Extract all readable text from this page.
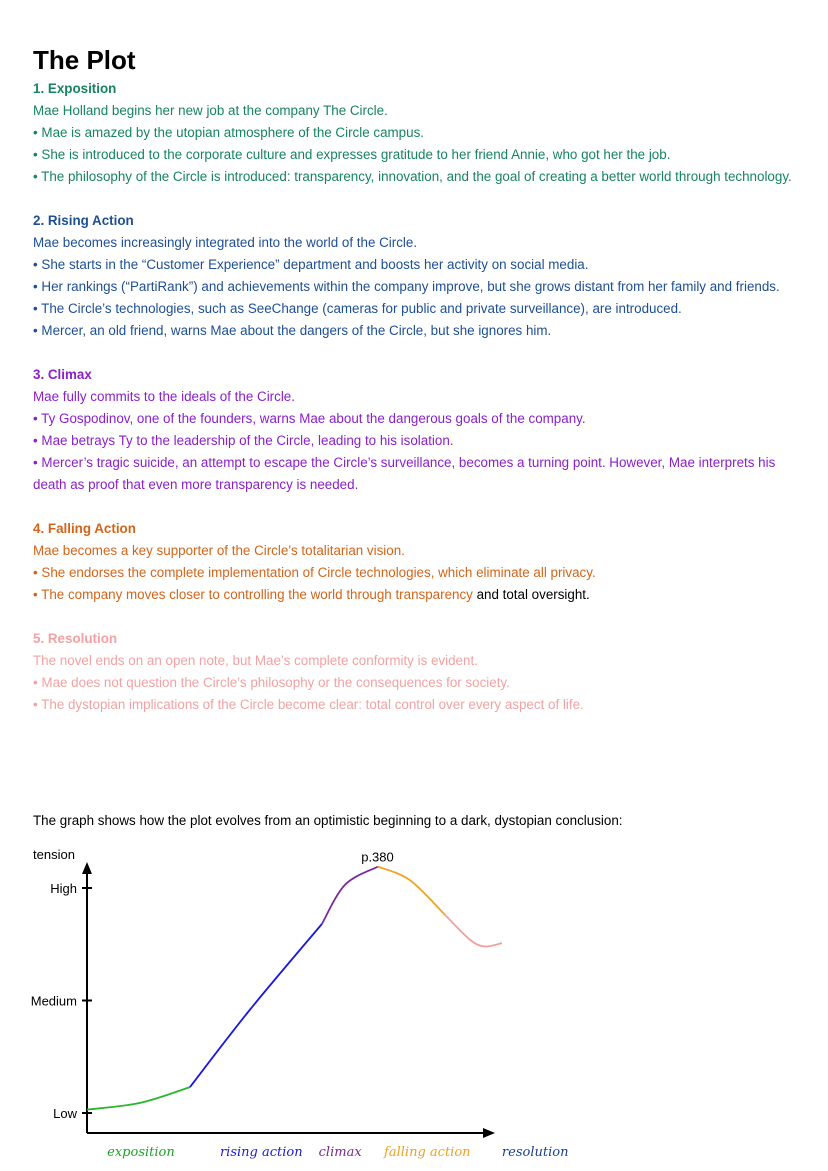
The Plot
1. Exposition

Mae Holland begins her new job at the company The Circle.

• Mae is amazed by the utopian atmosphere of the Circle campus.

• She is introduced to the corporate culture and expresses gratitude to her friend Annie, who got her the job.

• The philosophy of the Circle is introduced: transparency, innovation, and the goal of creating a better world through technology.

2. Rising Action

Mae becomes increasingly integrated into the world of the Circle.

• She starts in the “Customer Experience” department and boosts her activity on social media.

• Her rankings (“PartiRank”) and achievements within the company improve, but she grows distant from her family and friends.

• The Circle’s technologies, such as SeeChange (cameras for public and private surveillance), are introduced.

• Mercer, an old friend, warns Mae about the dangers of the Circle, but she ignores him.

3. Climax

Mae fully commits to the ideals of the Circle.

• Ty Gospodinov, one of the founders, warns Mae about the dangerous goals of the company.

• Mae betrays Ty to the leadership of the Circle, leading to his isolation.

• Mercer’s tragic suicide, an attempt to escape the Circle’s surveillance, becomes a turning point. However, Mae interprets his death as proof that even more transparency is needed.

4. Falling Action

Mae becomes a key supporter of the Circle’s totalitarian vision.

• She endorses the complete implementation of Circle technologies, which eliminate all privacy.

• The company moves closer to controlling the world through transparency and total oversight.

5. Resolution

The novel ends on an open note, but Mae’s complete conformity is evident.

• Mae does not question the Circle’s philosophy or the consequences for society.

• The dystopian implications of the Circle become clear: total control over every aspect of life.

The graph shows how the plot evolves from an optimistic beginning to a dark, dystopian conclusion:
tension
Low
Medium
High
exposition	rising action climax falling action resolution
p.380
